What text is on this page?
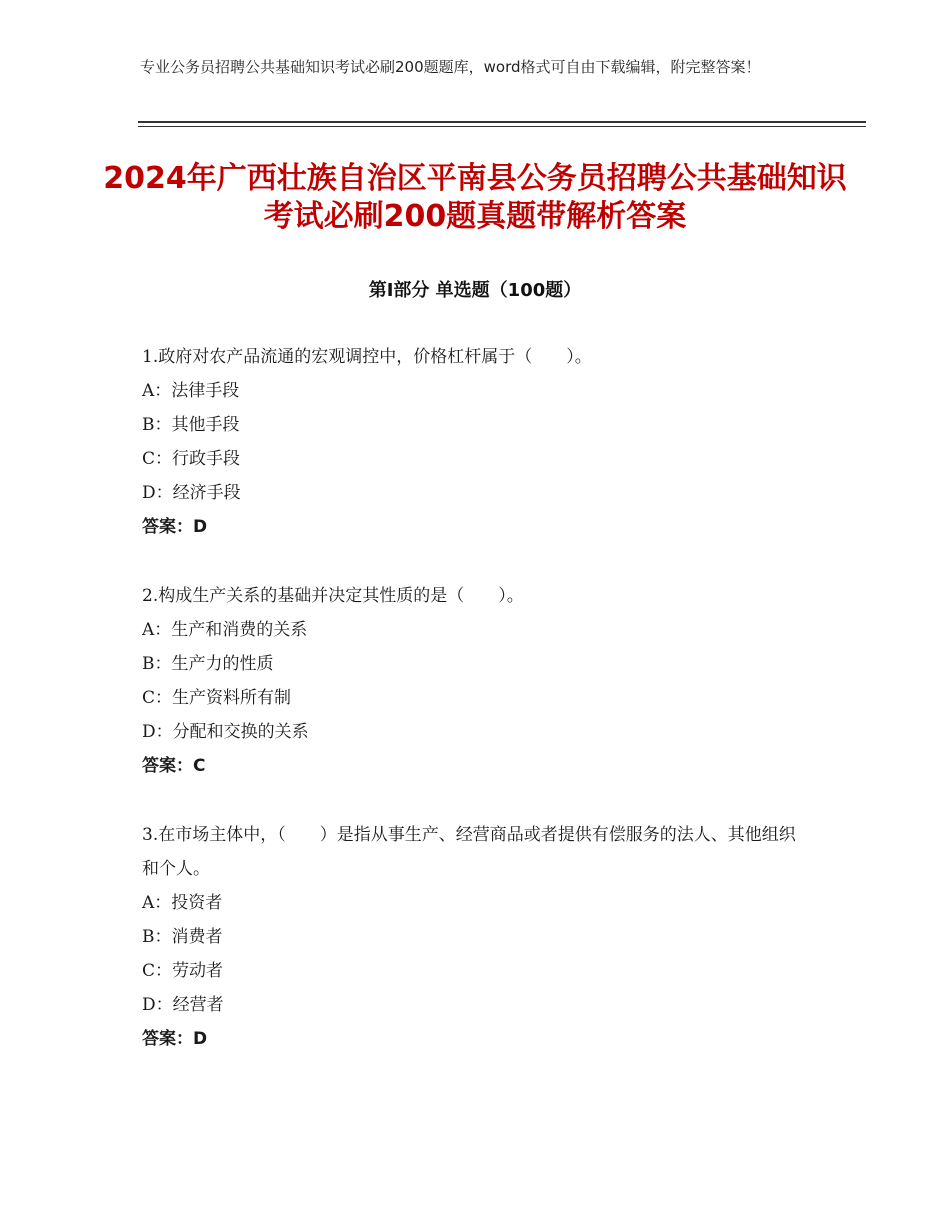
专业公务员招聘公共基础知识考试必刷200题题库，word格式可自由下载编辑，附完整答案！
2024年广西壮族自治区平南县公务员招聘公共基础知识考试必刷200题真题带解析答案
第I部分 单选题（100题）
1.政府对农产品流通的宏观调控中，价格杠杆属于（　　）。
A：法律手段
B：其他手段
C：行政手段
D：经济手段
答案：D
2.构成生产关系的基础并决定其性质的是（　　）。
A：生产和消费的关系
B：生产力的性质
C：生产资料所有制
D：分配和交换的关系
答案：C
3.在市场主体中，（　　）是指从事生产、经营商品或者提供有偿服务的法人、其他组织和个人。
A：投资者
B：消费者
C：劳动者
D：经营者
答案：D
